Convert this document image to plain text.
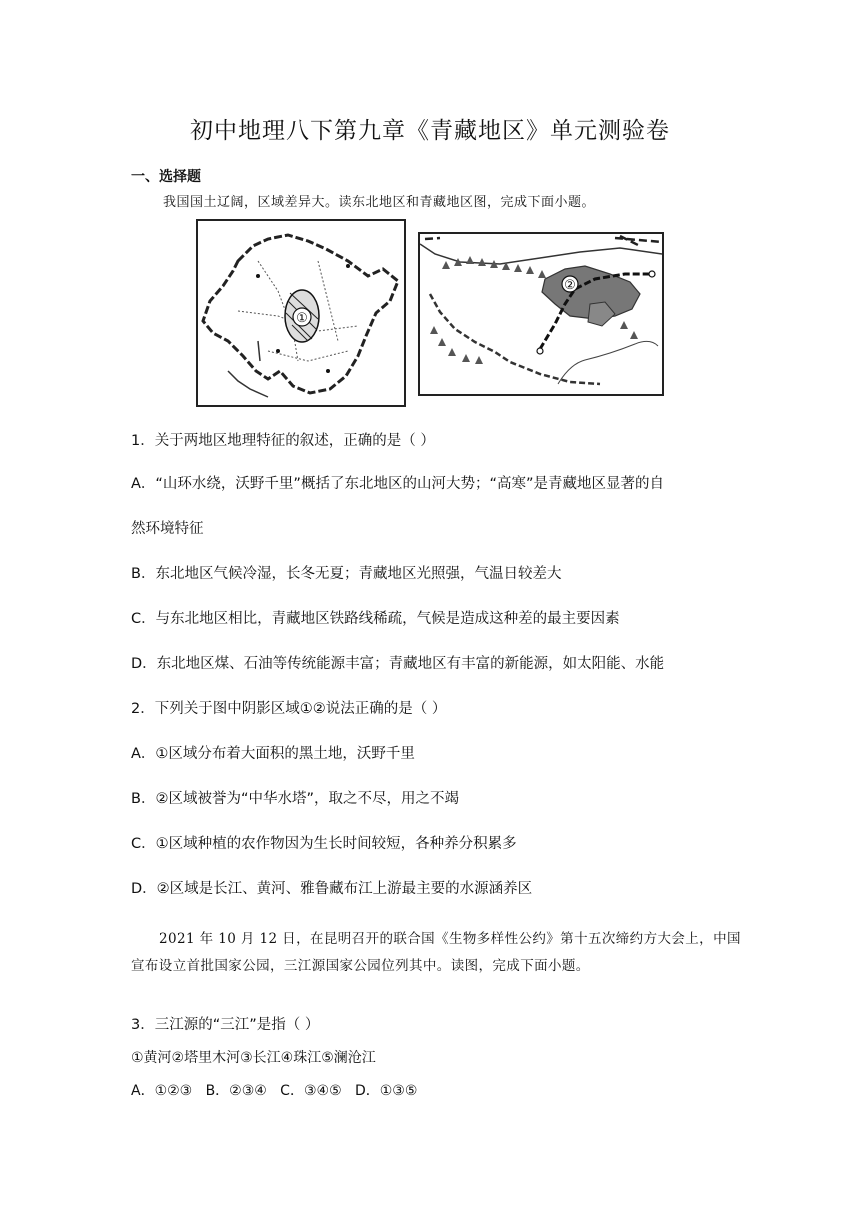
初中地理八下第九章《青藏地区》单元测验卷
一、选择题
我国国土辽阔，区域差异大。读东北地区和青藏地区图，完成下面小题。
①
②
1．关于两地区地理特征的叙述，正确的是（ ）
A．“山环水绕，沃野千里”概括了东北地区的山河大势；“高寒”是青藏地区显著的自
然环境特征
B．东北地区气候冷湿，长冬无夏；青藏地区光照强，气温日较差大
C．与东北地区相比，青藏地区铁路线稀疏，气候是造成这种差的最主要因素
D．东北地区煤、石油等传统能源丰富；青藏地区有丰富的新能源，如太阳能、水能
2．下列关于图中阴影区域①②说法正确的是（ ）
A．①区域分布着大面积的黑土地，沃野千里
B．②区域被誉为“中华水塔”，取之不尽，用之不竭
C．①区域种植的农作物因为生长时间较短，各种养分积累多
D．②区域是长江、黄河、雅鲁藏布江上游最主要的水源涵养区
2021 年 10 月 12 日，在昆明召开的联合国《生物多样性公约》第十五次缔约方大会上，中国宣布设立首批国家公园，三江源国家公园位列其中。读图，完成下面小题。
3．三江源的“三江”是指（ ）
①黄河②塔里木河③长江④珠江⑤澜沧江
A．①②③   B．②③④   C．③④⑤   D．①③⑤
